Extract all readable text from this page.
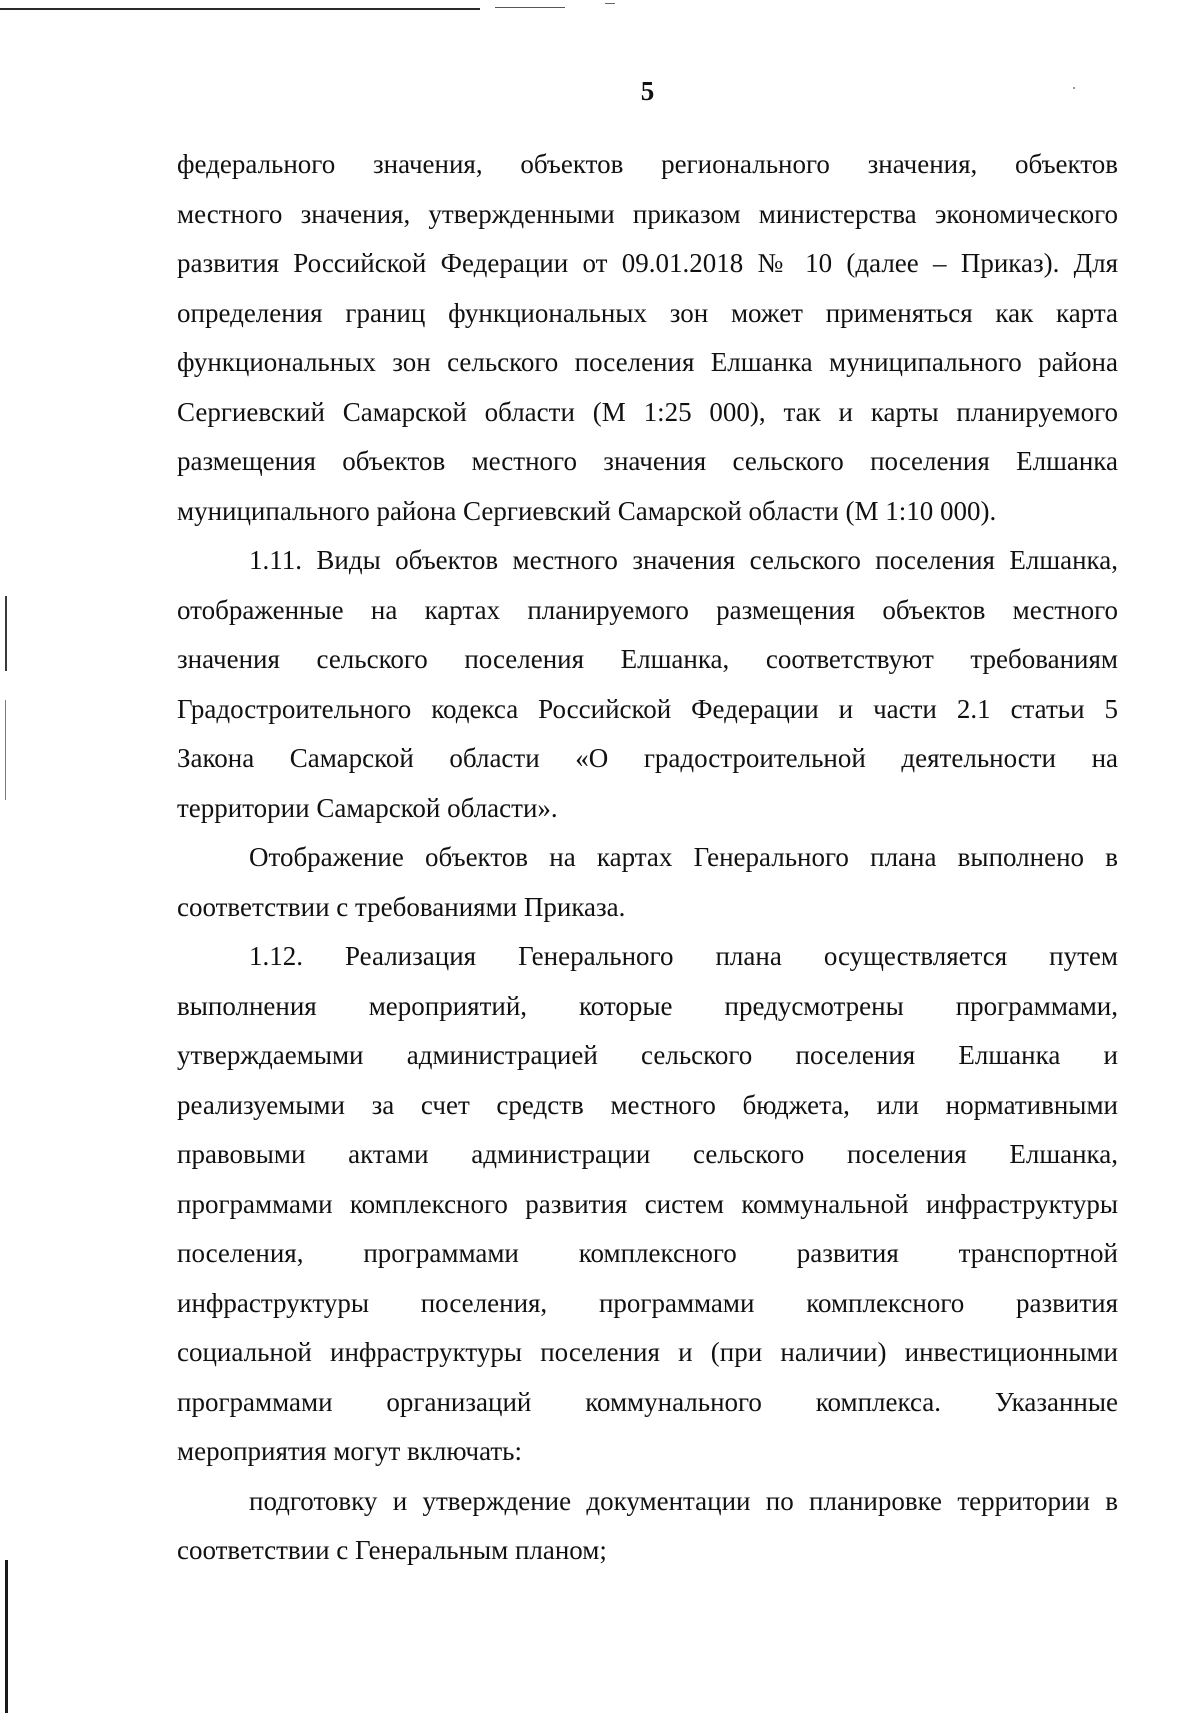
5
федерального значения, объектов регионального значения, объектов
местного значения, утвержденными приказом министерства экономического
развития Российской Федерации от 09.01.2018 № 10 (далее – Приказ). Для
определения границ функциональных зон может применяться как карта
функциональных зон сельского поселения Елшанка муниципального района
Сергиевский Самарской области (М 1:25 000), так и карты планируемого
размещения объектов местного значения сельского поселения Елшанка
муниципального района Сергиевский Самарской области (М 1:10 000).
1.11. Виды объектов местного значения сельского поселения Елшанка,
отображенные на картах планируемого размещения объектов местного
значения сельского поселения Елшанка, соответствуют требованиям
Градостроительного кодекса Российской Федерации и части 2.1 статьи 5
Закона Самарской области «О градостроительной деятельности на
территории Самарской области».
Отображение объектов на картах Генерального плана выполнено в
соответствии с требованиями Приказа.
1.12. Реализация Генерального плана осуществляется путем
выполнения мероприятий, которые предусмотрены программами,
утверждаемыми администрацией сельского поселения Елшанка и
реализуемыми за счет средств местного бюджета, или нормативными
правовыми актами администрации сельского поселения Елшанка,
программами комплексного развития систем коммунальной инфраструктуры
поселения, программами комплексного развития транспортной
инфраструктуры поселения, программами комплексного развития
социальной инфраструктуры поселения и (при наличии) инвестиционными
программами организаций коммунального комплекса. Указанные
мероприятия могут включать:
подготовку и утверждение документации по планировке территории в
соответствии с Генеральным планом;
